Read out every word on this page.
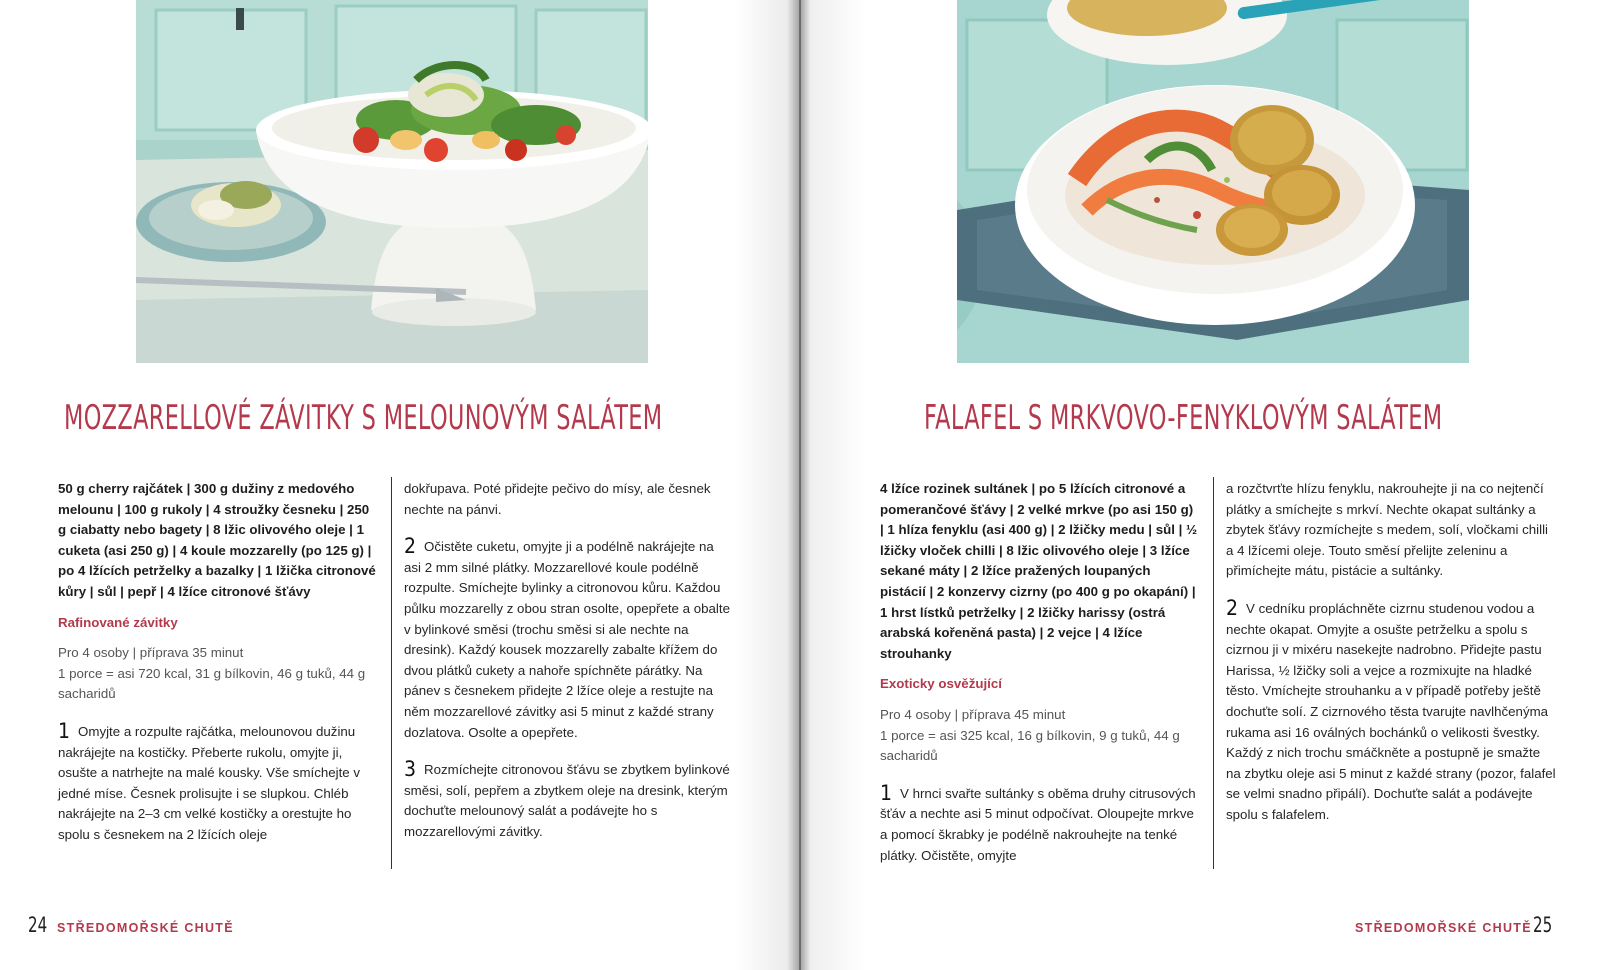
MOZZARELLOVÉ ZÁVITKY S MELOUNOVÝM SALÁTEM

50 g cherry rajčátek | 300 g dužiny z medového melounu | 100 g rukoly | 4 stroužky česneku | 250 g ciabatty nebo bagety | 8 lžic olivového oleje | 1 cuketa (asi 250 g) | 4 koule mozzarelly (po 125 g) | po 4 lžících petrželky a bazalky | 1 lžička citronové kůry | sůl | pepř | 4 lžíce citronové šťávy

Rafinované závitky

Pro 4 osoby | příprava 35 minut

1 porce = asi 720 kcal, 31 g bílkovin, 46 g tuků, 44 g sacharidů

1 Omyjte a rozpulte rajčátka, melounovou dužinu nakrájejte na kostičky. Přeberte rukolu, omyjte ji, osušte a natrhejte na malé kousky. Vše smíchejte v jedné míse. Česnek prolisujte i se slupkou. Chléb nakrájejte na 2–3 cm velké kostičky a orestujte ho spolu s česnekem na 2 lžících oleje

dokřupava. Poté přidejte pečivo do mísy, ale česnek nechte na pánvi.

2 Očistěte cuketu, omyjte ji a podélně nakrájejte na asi 2 mm silné plátky. Mozzarellové koule podélně rozpulte. Smíchejte bylinky a citronovou kůru. Každou půlku mozzarelly z obou stran osolte, opepřete a obalte v bylinkové směsi (trochu směsi si ale nechte na dresink). Každý kousek mozzarelly zabalte křížem do dvou plátků cukety a nahoře spíchněte párátky. Na pánev s česnekem přidejte 2 lžíce oleje a restujte na něm mozzarellové závitky asi 5 minut z každé strany dozlatova. Osolte a opepřete.

3 Rozmíchejte citronovou šťávu se zbytkem bylinkové směsi, solí, pepřem a zbytkem oleje na dresink, kterým dochuťte melounový salát a podávejte ho s mozzarellovými závitky.

24 STŘEDOMOŘSKÉ CHUTĚ
FALAFEL S MRKVOVO-FENYKLOVÝM SALÁTEM

4 lžíce rozinek sultánek | po 5 lžících citronové a pomerančové šťávy | 2 velké mrkve (po asi 150 g) | 1 hlíza fenyklu (asi 400 g) | 2 lžičky medu | sůl | ½ lžičky vloček chilli | 8 lžic olivového oleje | 3 lžíce sekané máty | 2 lžíce pražených loupaných pistácií | 2 konzervy cizrny (po 400 g po okapání) | 1 hrst lístků petrželky | 2 lžičky harissy (ostrá arabská kořeněná pasta) | 2 vejce | 4 lžíce strouhanky

Exoticky osvěžující

Pro 4 osoby | příprava 45 minut

1 porce = asi 325 kcal, 16 g bílkovin, 9 g tuků, 44 g sacharidů

1 V hrnci svařte sultánky s oběma druhy citrusových šťáv a nechte asi 5 minut odpočívat. Oloupejte mrkve a pomocí škrabky je podélně nakrouhejte na tenké plátky. Očistěte, omyjte

a rozčtvrťte hlízu fenyklu, nakrouhejte ji na co nejtenčí plátky a smíchejte s mrkví. Nechte okapat sultánky a zbytek šťávy rozmíchejte s medem, solí, vločkami chilli a 4 lžícemi oleje. Touto směsí přelijte zeleninu a přimíchejte mátu, pistácie a sultánky.

2 V cedníku propláchněte cizrnu studenou vodou a nechte okapat. Omyjte a osušte petrželku a spolu s cizrnou ji v mixéru nasekejte nadrobno. Přidejte pastu Harissa, ½ lžičky soli a vejce a rozmixujte na hladké těsto. Vmíchejte strouhanku a v případě potřeby ještě dochuťte solí. Z cizrnového těsta tvarujte navlhčenýma rukama asi 16 oválných bochánků o velikosti švestky. Každý z nich trochu smáčkněte a postupně je smažte na zbytku oleje asi 5 minut z každé strany (pozor, falafel se velmi snadno připálí). Dochuťte salát a podávejte spolu s falafelem.

STŘEDOMOŘSKÉ CHUTĚ 25
